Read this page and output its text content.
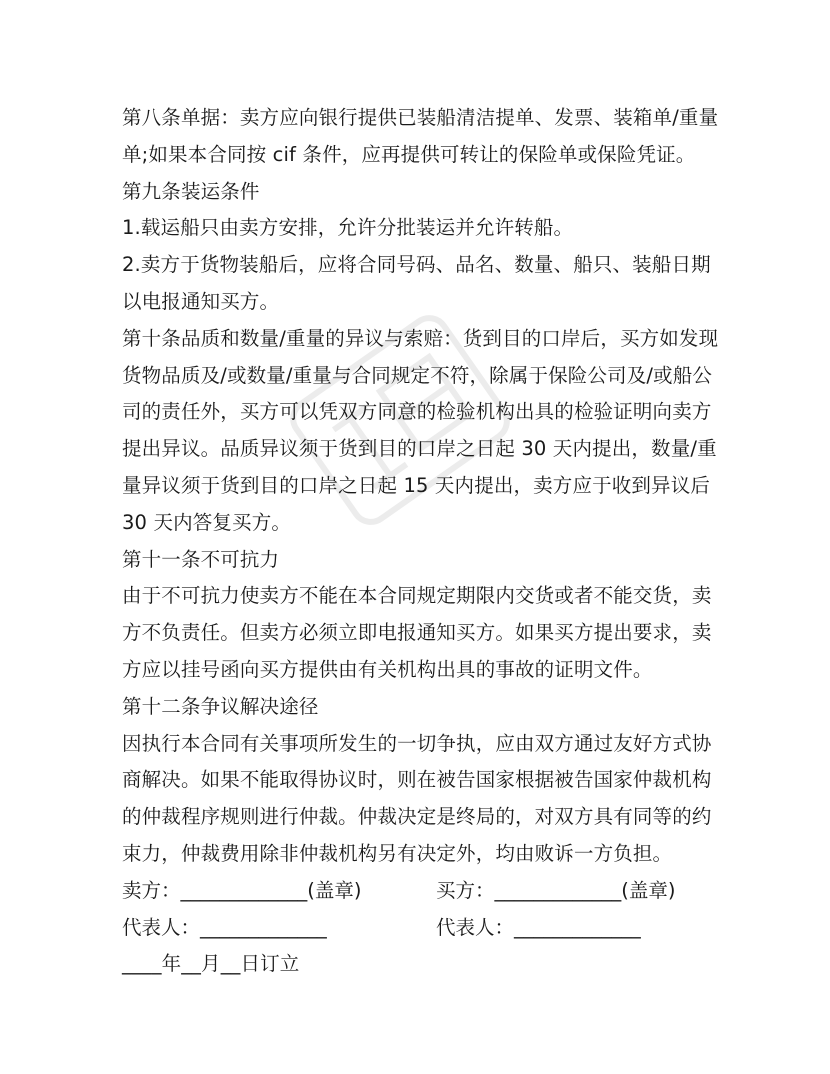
第八条单据：卖方应向银行提供已装船清洁提单、发票、装箱单/重量
单;如果本合同按 cif 条件，应再提供可转让的保险单或保险凭证。
第九条装运条件
1.载运船只由卖方安排，允许分批装运并允许转船。
2.卖方于货物装船后，应将合同号码、品名、数量、船只、装船日期
以电报通知买方。
第十条品质和数量/重量的异议与索赔：货到目的口岸后，买方如发现
货物品质及/或数量/重量与合同规定不符，除属于保险公司及/或船公
司的责任外，买方可以凭双方同意的检验机构出具的检验证明向卖方
提出异议。品质异议须于货到目的口岸之日起 30 天内提出，数量/重
量异议须于货到目的口岸之日起 15 天内提出，卖方应于收到异议后
30 天内答复买方。
第十一条不可抗力
由于不可抗力使卖方不能在本合同规定期限内交货或者不能交货，卖
方不负责任。但卖方必须立即电报通知买方。如果买方提出要求，卖
方应以挂号函向买方提供由有关机构出具的事故的证明文件。
第十二条争议解决途径
因执行本合同有关事项所发生的一切争执，应由双方通过友好方式协
商解决。如果不能取得协议时，则在被告国家根据被告国家仲裁机构
的仲裁程序规则进行仲裁。仲裁决定是终局的，对双方具有同等的约
束力，仲裁费用除非仲裁机构另有决定外，均由败诉一方负担。
卖方：_____________(盖章)	买方：_____________(盖章)
代表人：_____________	代表人：_____________
____年__月__日订立
